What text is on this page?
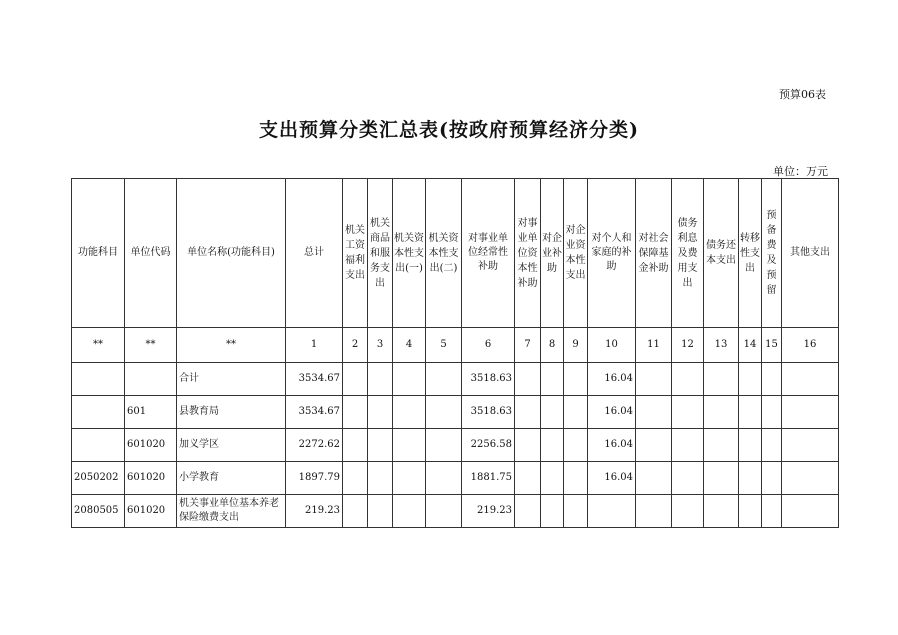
预算06表
支出预算分类汇总表(按政府预算经济分类)
单位：万元
功能科目	单位代码	单位名称(功能科目)	总计	机关工资福利支出	机关商品和服务支出	机关资本性支出(一)	机关资本性支出(二)	对事业单位经常性补助	对事业单位资本性补助	对企业补助	对企业资本性支出	对个人和家庭的补助	对社会保障基金补助	债务利息及费用支出	债务还本支出	转移性支出	预备费及预留	其他支出
**	**	**	1	2	3	4	5	6	7	8	9	10	11	12	13	14	15	16
		合计	3534.67					3518.63				16.04						
	601	县教育局	3534.67					3518.63				16.04						
	601020	加义学区	2272.62					2256.58				16.04						
2050202	601020	小学教育	1897.79					1881.75				16.04						
2080505	601020	机关事业单位基本养老保险缴费支出	219.23					219.23										
